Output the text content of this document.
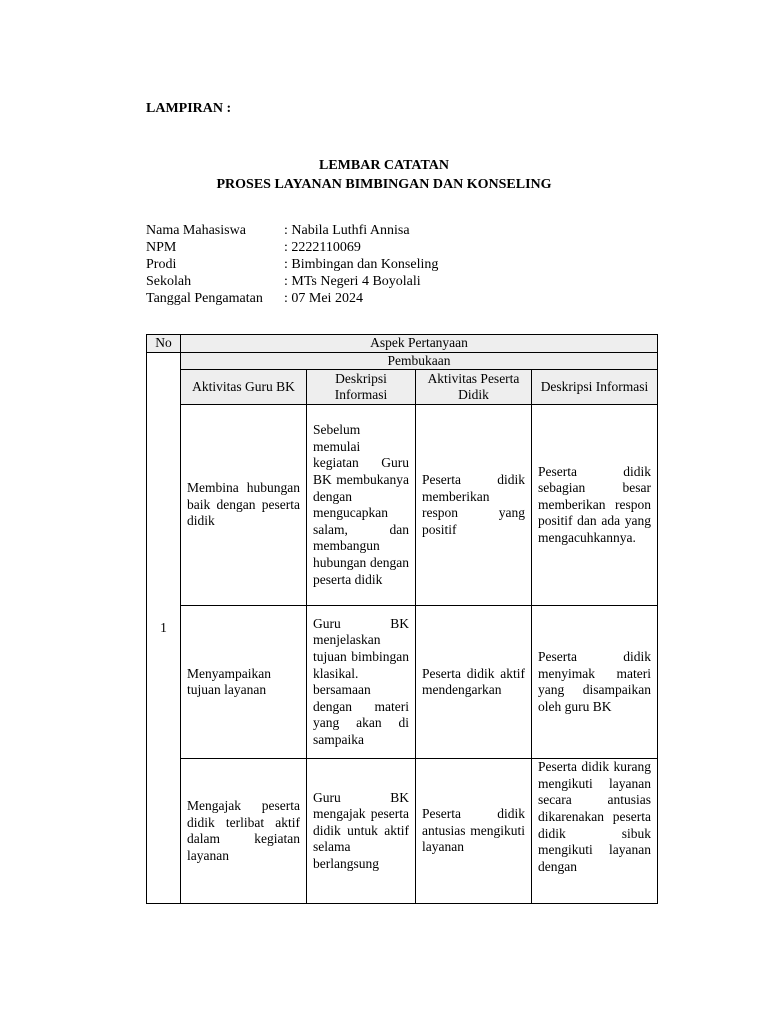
LAMPIRAN :
LEMBAR CATATAN
PROSES LAYANAN BIMBINGAN DAN KONSELING
Nama Mahasiswa	: Nabila Luthfi Annisa
NPM	: 2222110069
Prodi	: Bimbingan dan Konseling
Sekolah	: MTs Negeri 4 Boyolali
Tanggal Pengamatan	: 07 Mei 2024
No	Aspek Pertanyaan			
1	Pembukaan			
	Aktivitas Guru BK	Deskripsi Informasi	Aktivitas Peserta Didik	Deskripsi Informasi
	Membina hubungan baik dengan peserta didik	Sebelum memulai kegiatan Guru BK membukanya dengan mengucapkan salam, dan membangun hubungan dengan peserta didik	Peserta didik memberikan respon yang positif	Peserta didik sebagian besar memberikan respon positif dan ada yang mengacuhkannya.
	Menyampaikan tujuan layanan	Guru BK menjelaskan tujuan bimbingan klasikal. bersamaan dengan materi yang akan di sampaika	Peserta didik aktif mendengarkan	Peserta didik menyimak materi yang disampaikan oleh guru BK
	Mengajak peserta didik terlibat aktif dalam kegiatan layanan	Guru BK mengajak peserta didik untuk aktif selama berlangsung	Peserta didik antusias mengikuti layanan	Peserta didik kurang mengikuti layanan secara antusias dikarenakan peserta didik sibuk mengikuti layanan dengan
